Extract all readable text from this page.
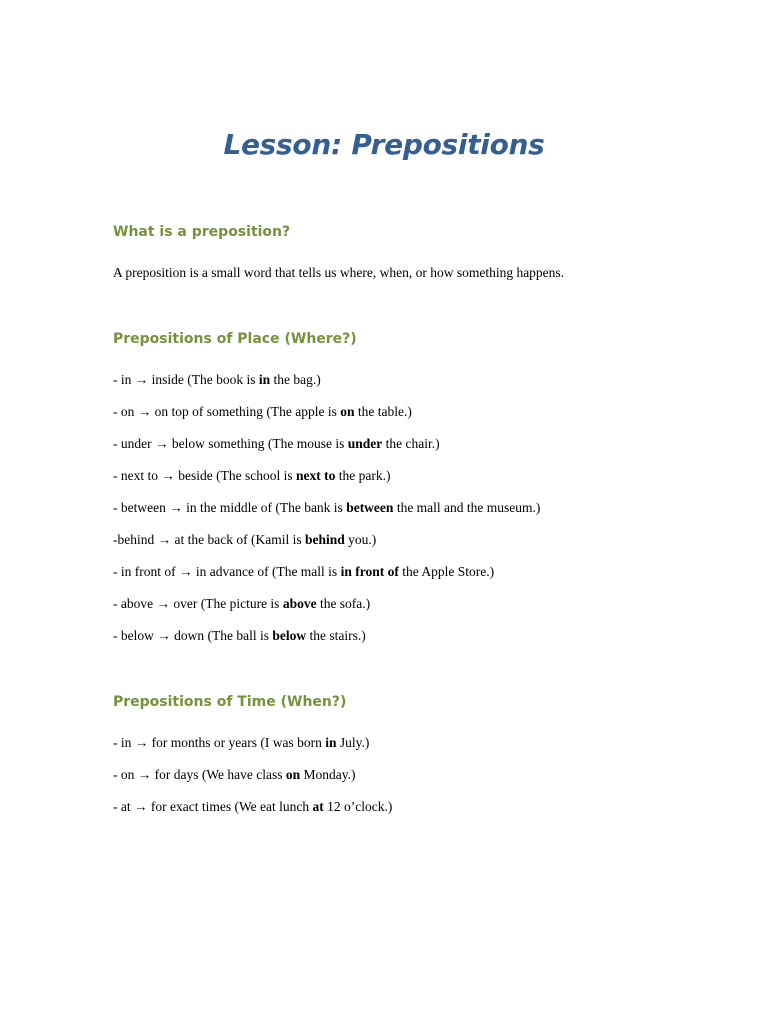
Lesson: Prepositions
What is a preposition?

A preposition is a small word that tells us where, when, or how something happens.

Prepositions of Place (Where?)

- in → inside (The book is in the bag.)

- on → on top of something (The apple is on the table.)

- under → below something (The mouse is under the chair.)

- next to → beside (The school is next to the park.)

- between → in the middle of (The bank is between the mall and the museum.)

-behind → at the back of (Kamil is behind you.)

- in front of → in advance of (The mall is in front of the Apple Store.)

- above → over (The picture is above the sofa.)

- below → down (The ball is below the stairs.)

Prepositions of Time (When?)

- in → for months or years (I was born in July.)

- on → for days (We have class on Monday.)

- at → for exact times (We eat lunch at 12 o’clock.)
